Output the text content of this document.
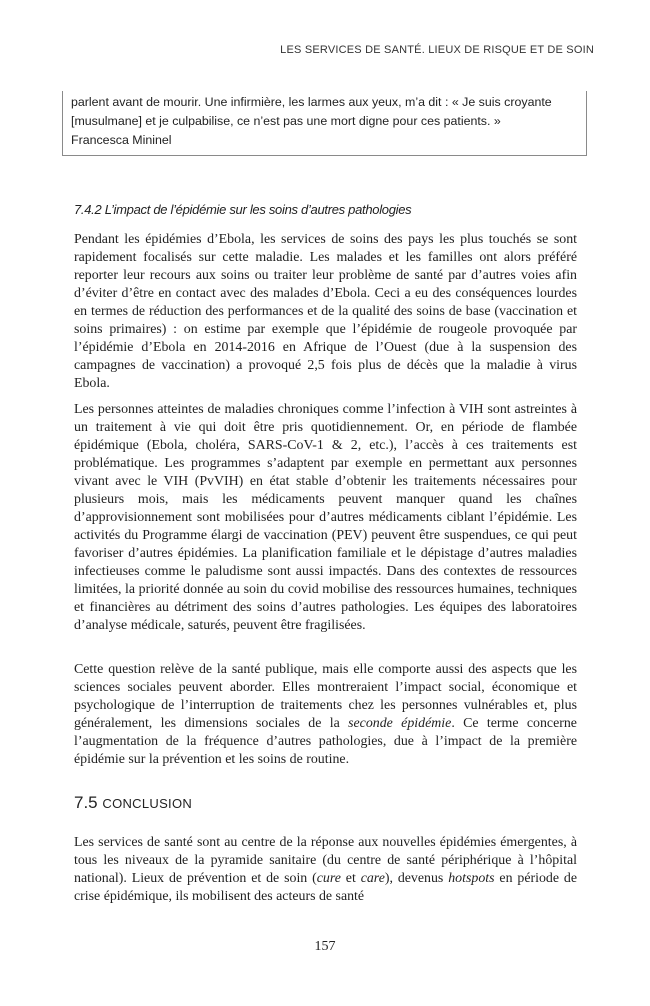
LES SERVICES DE SANTÉ. LIEUX DE RISQUE ET DE SOIN

parlent avant de mourir. Une infirmière, les larmes aux yeux, m’a dit : « Je suis croyante [musulmane] et je culpabilise, ce n’est pas une mort digne pour ces patients. »

Francesca Mininel

7.4.2 L’impact de l’épidémie sur les soins d’autres pathologies

Pendant les épidémies d’Ebola, les services de soins des pays les plus touchés se sont rapidement focalisés sur cette maladie. Les malades et les familles ont alors préféré reporter leur recours aux soins ou traiter leur problème de santé par d’autres voies afin d’éviter d’être en contact avec des malades d’Ebola. Ceci a eu des conséquences lourdes en termes de réduction des performances et de la qualité des soins de base (vaccination et soins primaires) : on estime par exemple que l’épidémie de rougeole provoquée par l’épidémie d’Ebola en 2014-2016 en Afrique de l’Ouest (due à la suspension des campagnes de vaccination) a provoqué 2,5 fois plus de décès que la maladie à virus Ebola.

Les personnes atteintes de maladies chroniques comme l’infection à VIH sont astreintes à un traitement à vie qui doit être pris quotidiennement. Or, en période de flambée épidémique (Ebola, choléra, SARS-CoV-1 & 2, etc.), l’accès à ces traitements est problématique. Les programmes s’adaptent par exemple en permettant aux personnes vivant avec le VIH (PvVIH) en état stable d’obtenir les traitements nécessaires pour plusieurs mois, mais les médicaments peuvent manquer quand les chaînes d’approvisionnement sont mobilisées pour d’autres médicaments ciblant l’épidémie. Les activités du Programme élargi de vaccination (PEV) peuvent être suspendues, ce qui peut favoriser d’autres épidémies. La planification familiale et le dépistage d’autres maladies infectieuses comme le paludisme sont aussi impactés. Dans des contextes de ressources limitées, la priorité donnée au soin du covid mobilise des ressources humaines, techniques et financières au détriment des soins d’autres pathologies. Les équipes des laboratoires d’analyse médicale, saturés, peuvent être fragilisées.

Cette question relève de la santé publique, mais elle comporte aussi des aspects que les sciences sociales peuvent aborder. Elles montreraient l’impact social, économique et psychologique de l’interruption de traitements chez les personnes vulnérables et, plus généralement, les dimensions sociales de la seconde épidémie. Ce terme concerne l’augmentation de la fréquence d’autres pathologies, due à l’impact de la première épidémie sur la prévention et les soins de routine.

7.5 CONCLUSION

Les services de santé sont au centre de la réponse aux nouvelles épidémies émergentes, à tous les niveaux de la pyramide sanitaire (du centre de santé périphérique à l’hôpital national). Lieux de prévention et de soin (cure et care), devenus hotspots en période de crise épidémique, ils mobilisent des acteurs de santé

157
